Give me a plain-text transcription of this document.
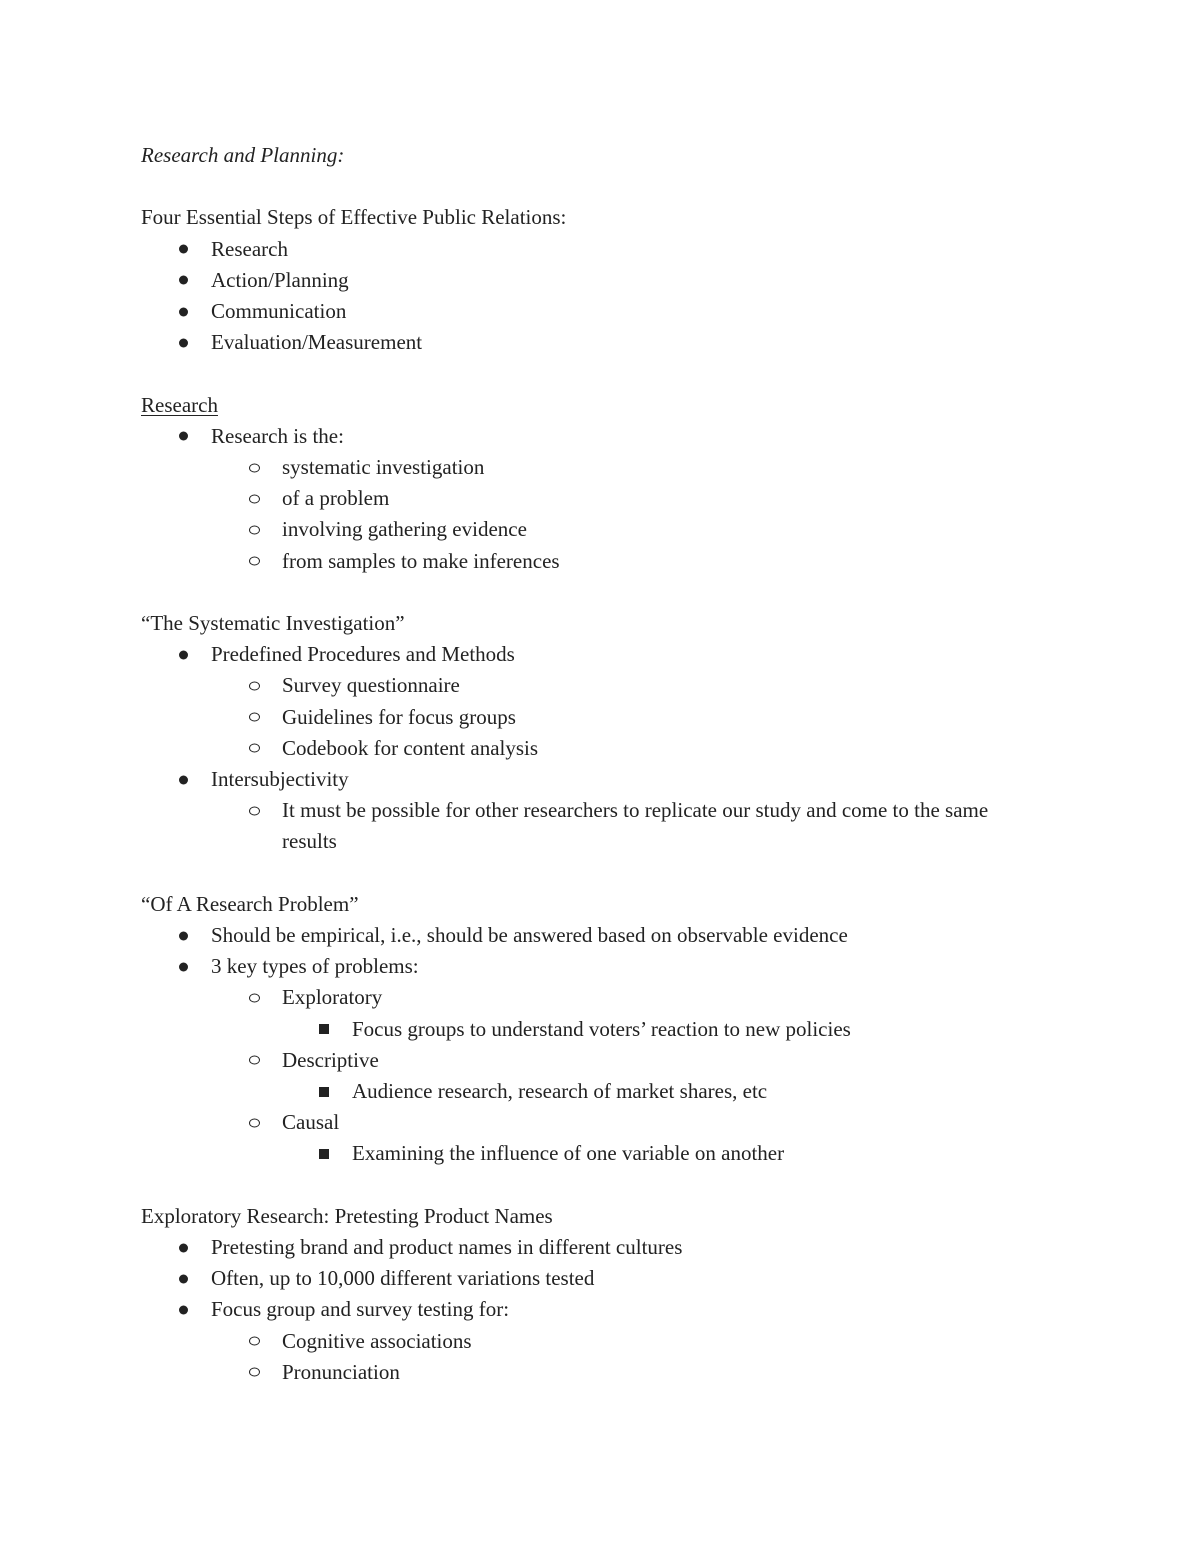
Research and Planning:
Four Essential Steps of Effective Public Relations:
Research
Action/Planning
Communication
Evaluation/Measurement
Research
Research is the:
systematic investigation
of a problem
involving gathering evidence
from samples to make inferences
“The Systematic Investigation”
Predefined Procedures and Methods
Survey questionnaire
Guidelines for focus groups
Codebook for content analysis
Intersubjectivity
It must be possible for other researchers to replicate our study and come to the same results
“Of A Research Problem”
Should be empirical, i.e., should be answered based on observable evidence
3 key types of problems:
Exploratory
Focus groups to understand voters’ reaction to new policies
Descriptive
Audience research, research of market shares, etc
Causal
Examining the influence of one variable on another
Exploratory Research: Pretesting Product Names
Pretesting brand and product names in different cultures
Often, up to 10,000 different variations tested
Focus group and survey testing for:
Cognitive associations
Pronunciation
